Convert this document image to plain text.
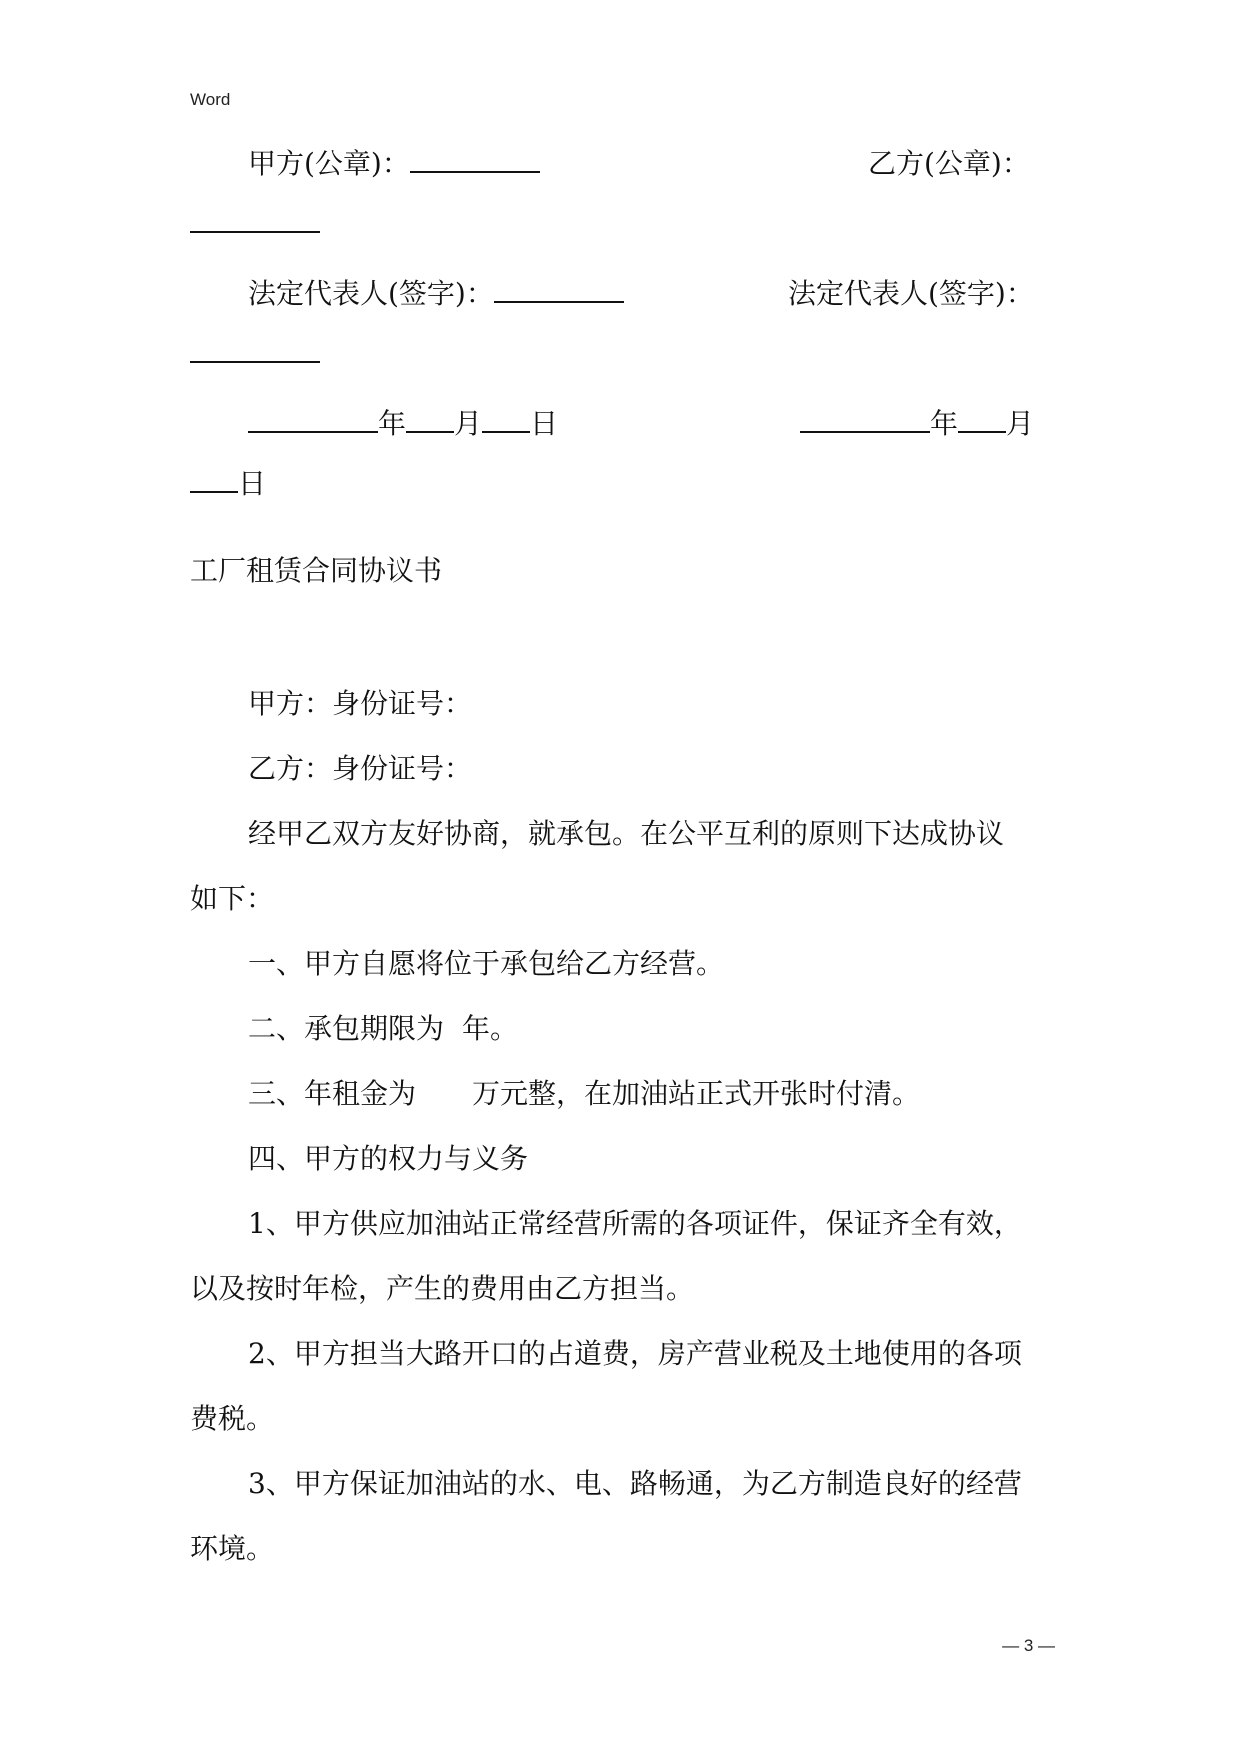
Word
甲方(公章)：	乙方(公章)：
法定代表人(签字)：	法定代表人(签字)：
年 月 日	年 月
日
工厂租赁合同协议书
甲方：身份证号：
乙方：身份证号：
经甲乙双方友好协商，就承包。在公平互利的原则下达成协议
如下：
一、甲方自愿将位于承包给乙方经营。
二、承包期限为 年。
三、年租金为 万元整，在加油站正式开张时付清。
四、甲方的权力与义务
1、甲方供应加油站正常经营所需的各项证件，保证齐全有效，
以及按时年检，产生的费用由乙方担当。
2、甲方担当大路开口的占道费，房产营业税及土地使用的各项
费税。
3、甲方保证加油站的水、电、路畅通，为乙方制造良好的经营
环境。
— 3 —
